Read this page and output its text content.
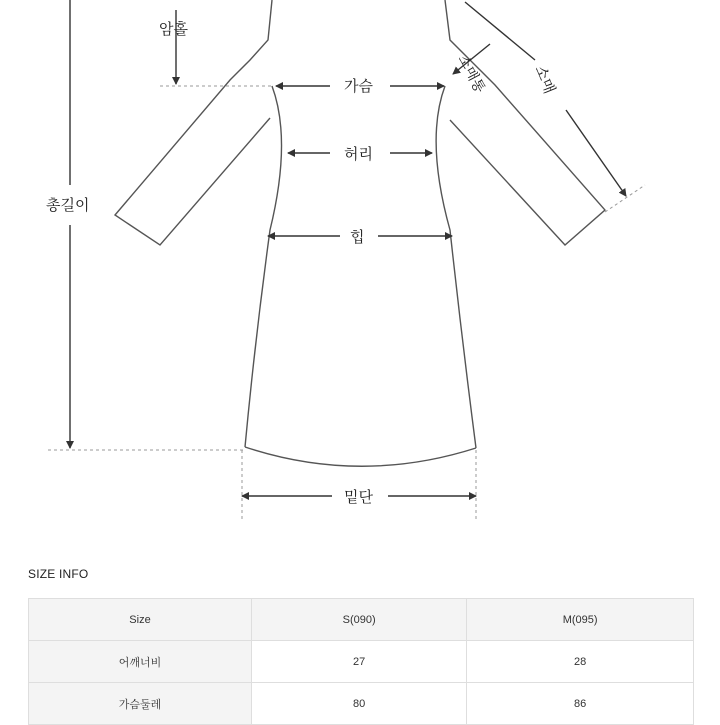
암홀
가슴
허리
힙
밑단
총길이
소매
소매통
SIZE INFO
Size	S(090)	M(095)
어깨너비	27	28
가슴둘레	80	86
